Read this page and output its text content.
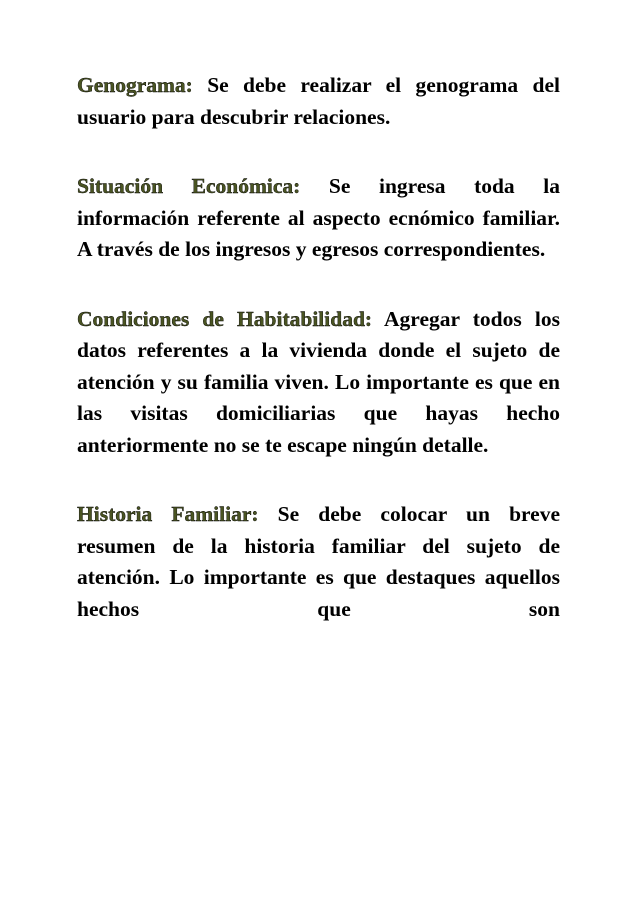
Genograma: Se debe realizar el genograma del usuario para descubrir relaciones.

Situación Económica: Se ingresa toda la información referente al aspecto ecnómico familiar. A través de los ingresos y egresos correspondientes.

Condiciones de Habitabilidad: Agregar todos los datos referentes a la vivienda donde el sujeto de atención y su familia viven. Lo importante es que en las visitas domiciliarias que hayas hecho anteriormente no se te escape ningún detalle.

Historia Familiar: Se debe colocar un breve resumen de la historia familiar del sujeto de atención. Lo importante es que destaques aquellos hechos que son
